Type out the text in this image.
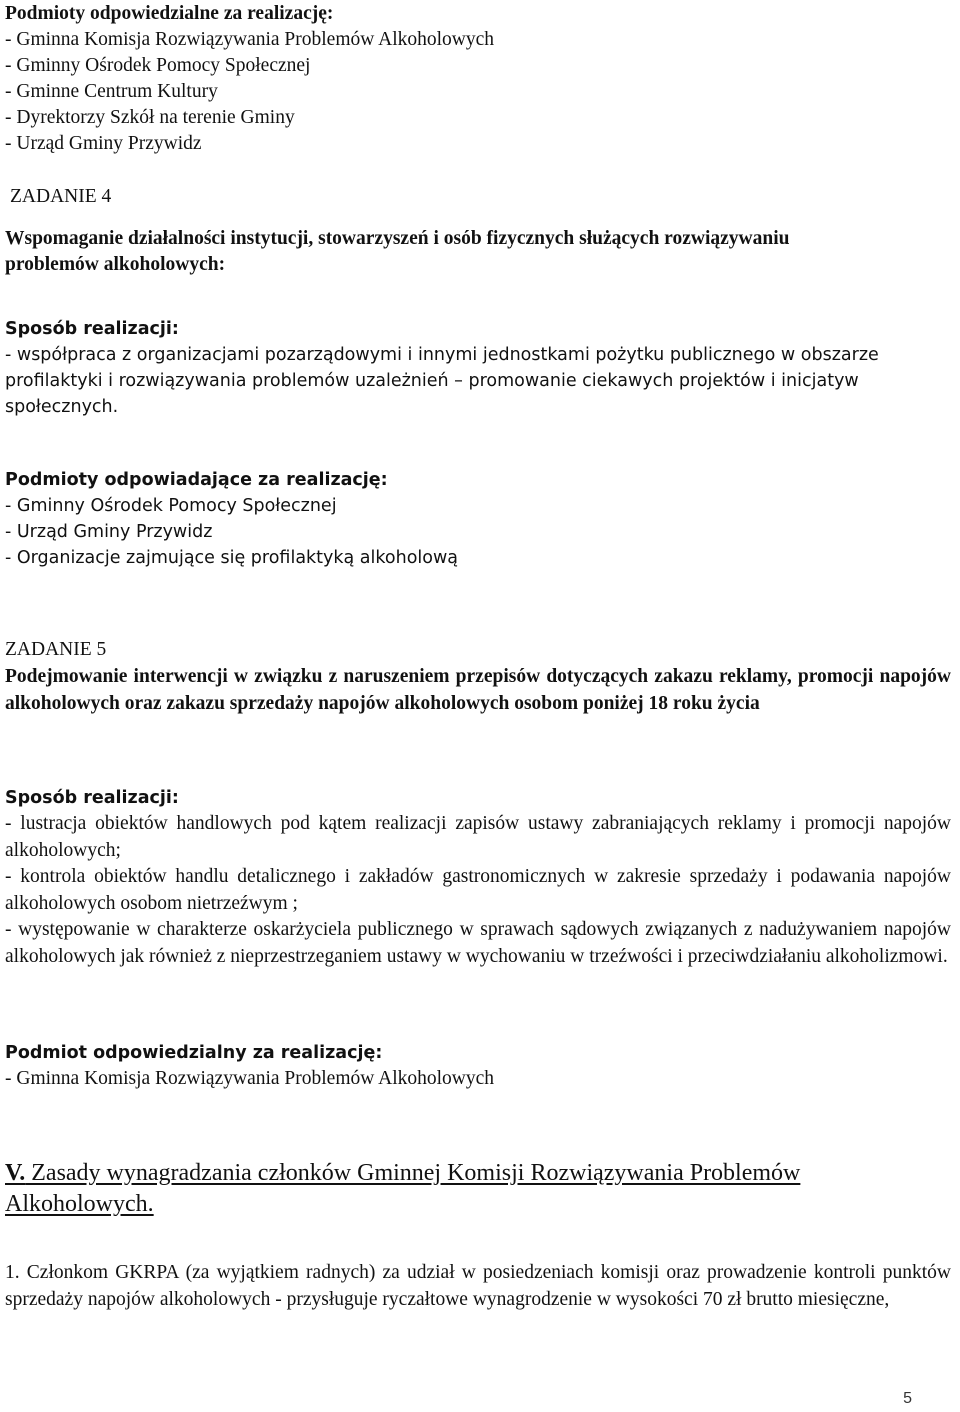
Podmioty odpowiedzialne za realizację:
- Gminna Komisja Rozwiązywania Problemów Alkoholowych
- Gminny Ośrodek Pomocy Społecznej
- Gminne Centrum Kultury
- Dyrektorzy Szkół na terenie Gminy
- Urząd Gminy Przywidz
ZADANIE 4
Wspomaganie działalności instytucji, stowarzyszeń i osób fizycznych służących rozwiązywaniu
problemów alkoholowych:
Sposób realizacji:
- współpraca z organizacjami pozarządowymi i innymi jednostkami pożytku publicznego w obszarze
profilaktyki i rozwiązywania problemów uzależnień – promowanie ciekawych projektów i inicjatyw
społecznych.
Podmioty odpowiadające za realizację:
- Gminny Ośrodek Pomocy Społecznej
- Urząd Gminy Przywidz
- Organizacje zajmujące się profilaktyką alkoholową
ZADANIE 5
Podejmowanie interwencji w związku z naruszeniem przepisów dotyczących zakazu reklamy, promocji napojów alkoholowych oraz zakazu sprzedaży napojów alkoholowych osobom poniżej 18 roku życia
Sposób realizacji:
- lustracja obiektów handlowych pod kątem realizacji zapisów ustawy zabraniających reklamy i promocji napojów alkoholowych;
- kontrola obiektów handlu detalicznego i zakładów gastronomicznych w zakresie sprzedaży i podawania napojów alkoholowych osobom nietrzeźwym ;
- występowanie w charakterze oskarżyciela publicznego w sprawach sądowych związanych z nadużywaniem napojów alkoholowych jak również z nieprzestrzeganiem ustawy w wychowaniu w trzeźwości i przeciwdziałaniu alkoholizmowi.
Podmiot odpowiedzialny za realizację:
- Gminna Komisja Rozwiązywania Problemów Alkoholowych
V. Zasady wynagradzania członków Gminnej Komisji Rozwiązywania Problemów Alkoholowych.
1. Członkom GKRPA (za wyjątkiem radnych) za udział w posiedzeniach komisji oraz prowadzenie kontroli punktów sprzedaży napojów alkoholowych - przysługuje ryczałtowe wynagrodzenie w wysokości 70 zł brutto miesięczne,
5
